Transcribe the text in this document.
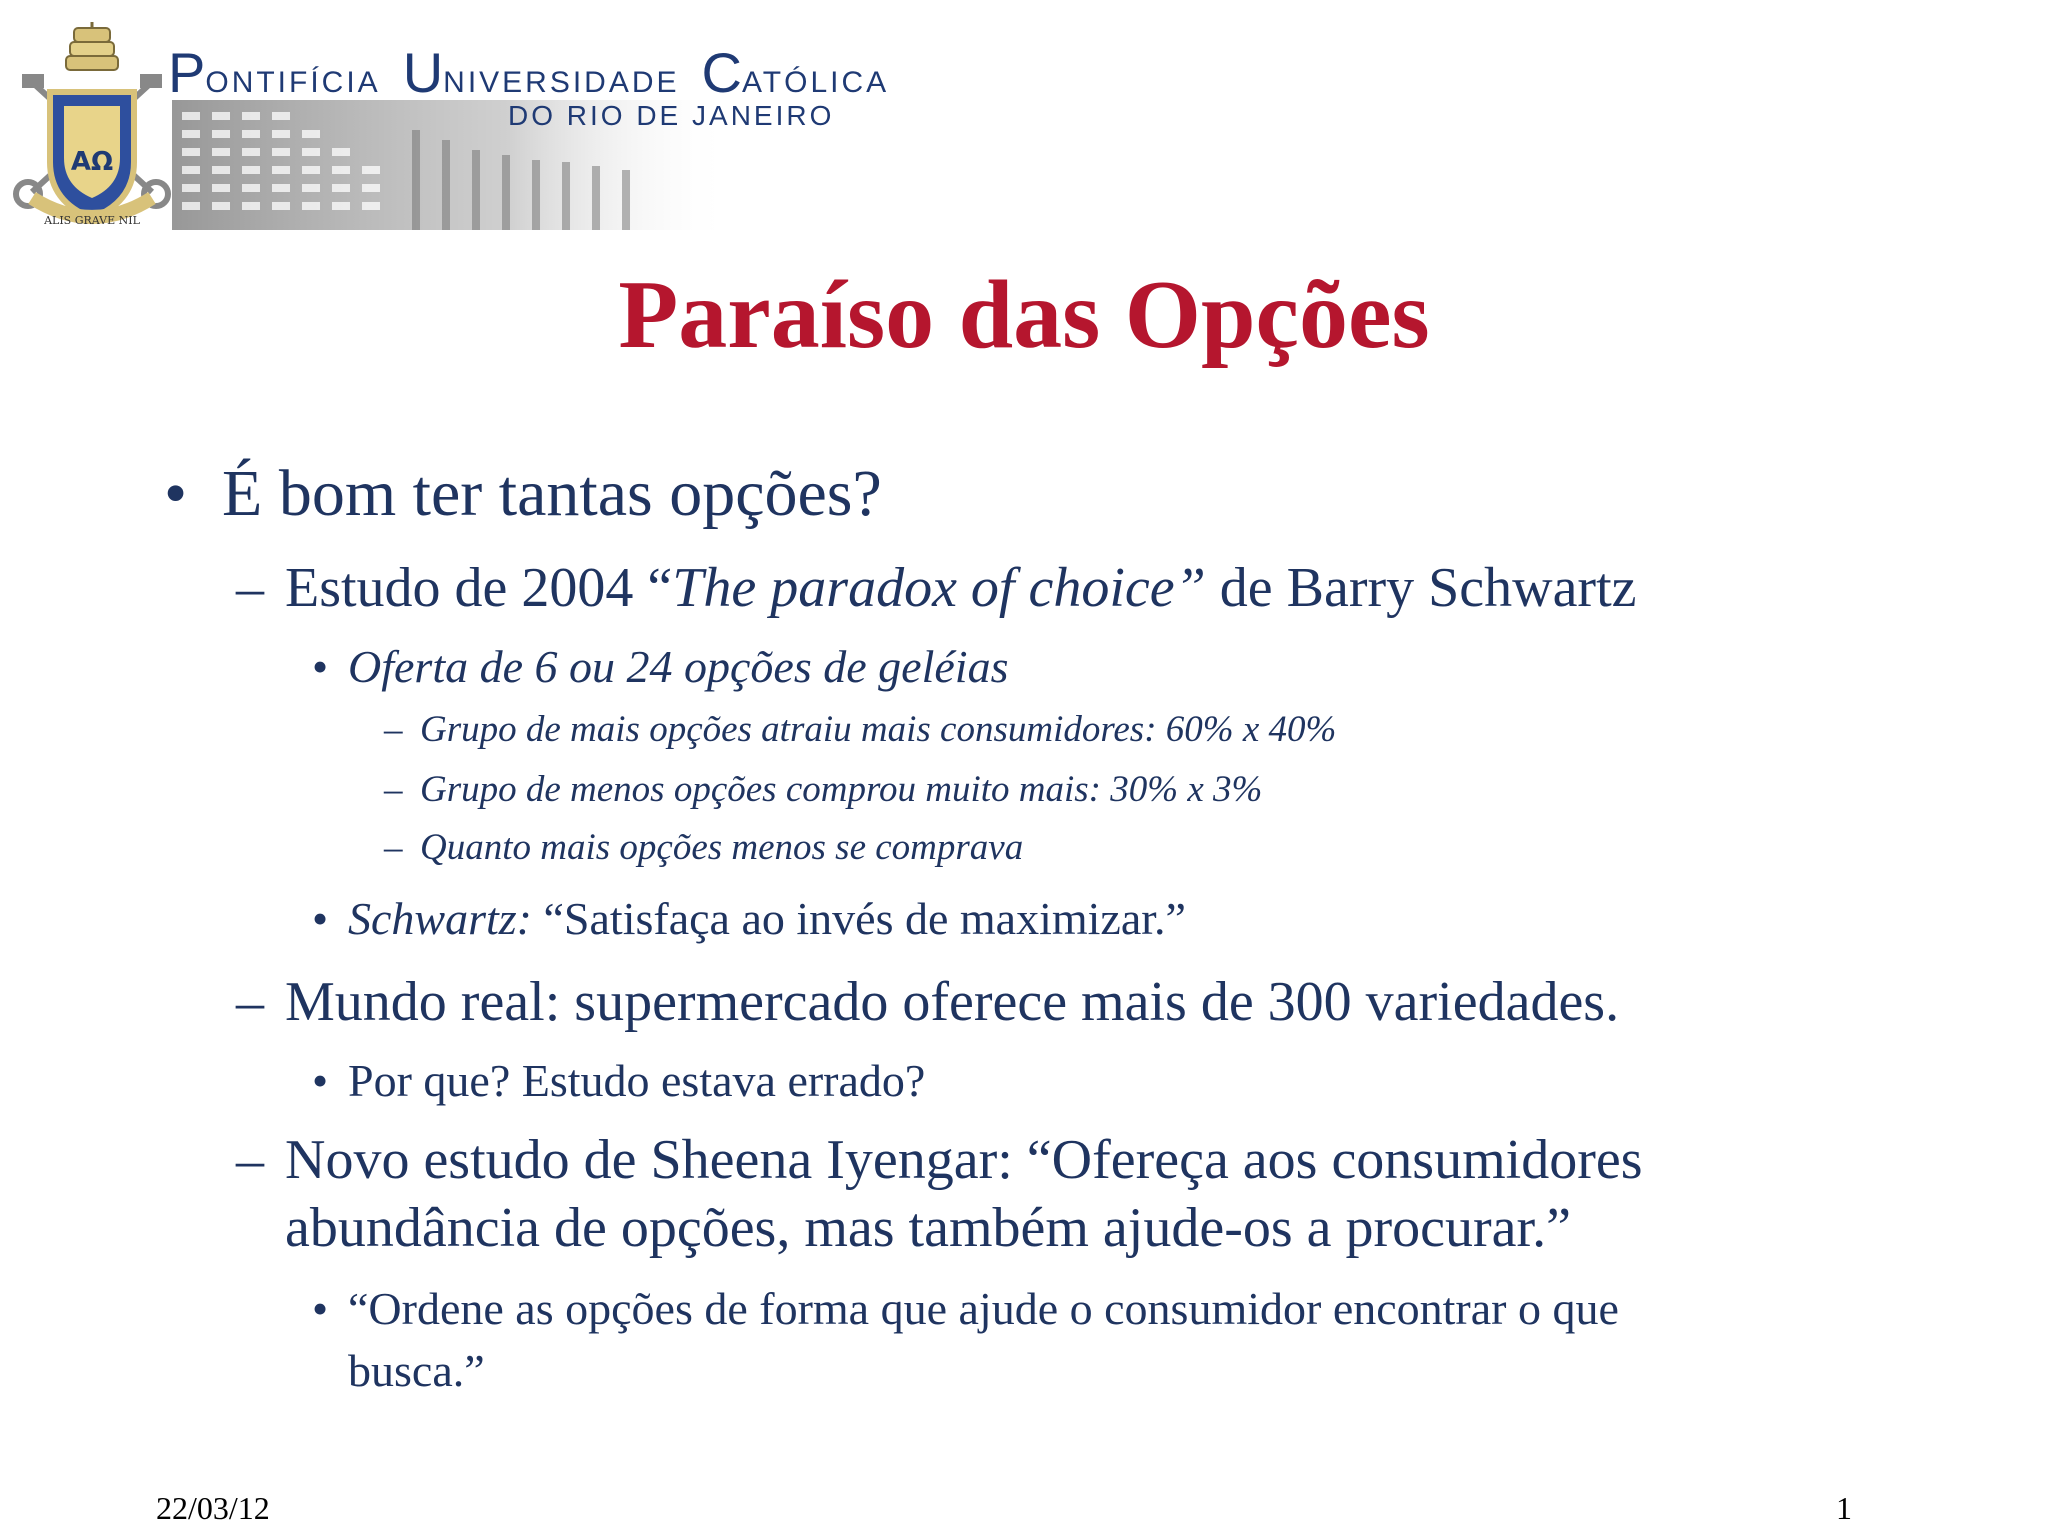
ΑΩ
ALIS GRAVE NIL
PONTIFÍCIA UNIVERSIDADE CATÓLICA
DO RIO DE JANEIRO
Paraíso das Opções
• É bom ter tantas opções?
– Estudo de 2004 “The paradox of choice” de Barry Schwartz
• Oferta de 6 ou 24 opções de geléias
– Grupo de mais opções atraiu mais consumidores: 60% x 40%
– Grupo de menos opções comprou muito mais: 30% x 3%
– Quanto mais opções menos se comprava
• Schwartz: “Satisfaça ao invés de maximizar.”
– Mundo real: supermercado oferece mais de 300 variedades.
• Por que? Estudo estava errado?
– Novo estudo de Sheena Iyengar: “Ofereça aos consumidores
abundância de opções, mas também ajude-os a procurar.”
• “Ordene as opções de forma que ajude o consumidor encontrar o que
busca.”
22/03/12	1
